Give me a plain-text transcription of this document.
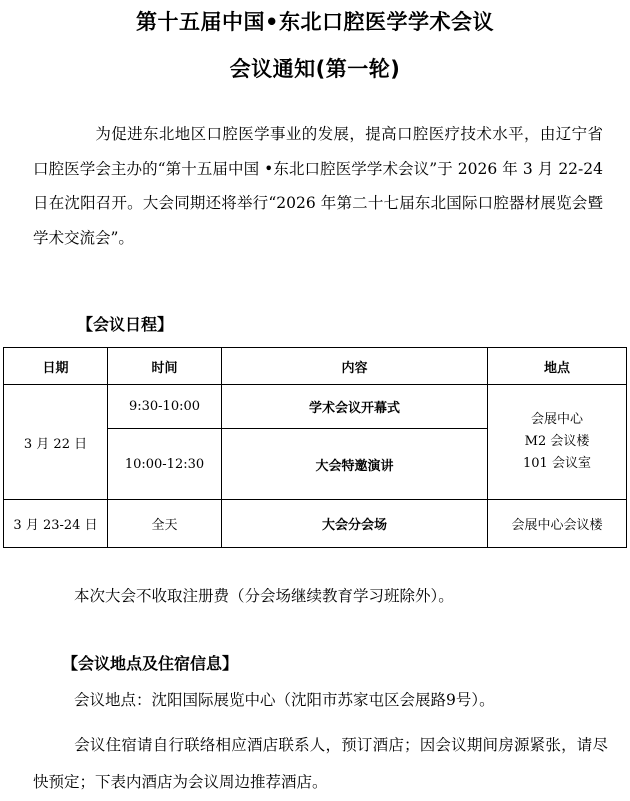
第十五届中国•东北口腔医学学术会议
会议通知(第一轮)
为促进东北地区口腔医学事业的发展，提高口腔医疗技术水平，由辽宁省口腔医学会主办的“第十五届中国 •东北口腔医学学术会议”于 2026 年 3 月 22-24 日在沈阳召开。大会同期还将举行“2026 年第二十七届东北国际口腔器材展览会暨学术交流会”。
【会议日程】
日期	时间	内容	地点
3 月 22 日	9:30-10:00	学术会议开幕式	会展中心
M2 会议楼
101 会议室

	10:00-12:30	大会特邀演讲	
3 月 23-24 日	全天	大会分会场	会展中心会议楼
本次大会不收取注册费（分会场继续教育学习班除外）。
【会议地点及住宿信息】
会议地点：沈阳国际展览中心（沈阳市苏家屯区会展路9号）。
会议住宿请自行联络相应酒店联系人，预订酒店；因会议期间房源紧张，请尽快预定；下表内酒店为会议周边推荐酒店。
